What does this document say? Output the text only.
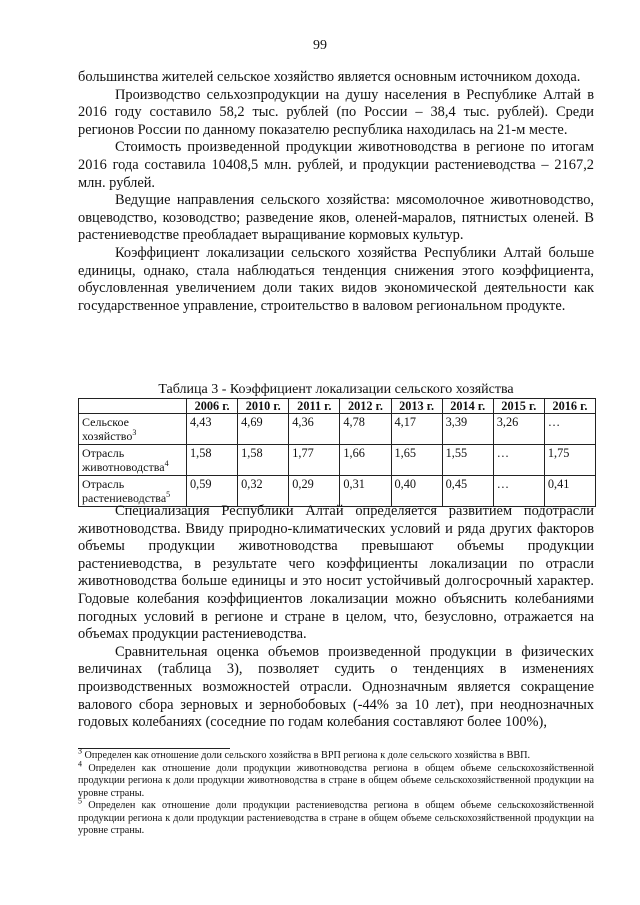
99

большинства жителей сельское хозяйство является основным источником дохода.

Производство сельхозпродукции на душу населения в Республике Алтай в 2016 году составило 58,2 тыс. рублей (по России – 38,4 тыс. рублей). Среди регионов России по данному показателю республика находилась на 21-м месте.

Стоимость произведенной продукции животноводства в регионе по итогам 2016 года составила 10408,5 млн. рублей, и продукции растениеводства – 2167,2 млн. рублей.

Ведущие направления сельского хозяйства: мясомолочное животноводство, овцеводство, козоводство; разведение яков, оленей-маралов, пятнистых оленей. В растениеводстве преобладает выращивание кормовых культур.

Коэффициент локализации сельского хозяйства Республики Алтай больше единицы, однако, стала наблюдаться тенденция снижения этого коэффициента, обусловленная увеличением доли таких видов экономической деятельности как государственное управление, строительство в валовом региональном продукте.

Таблица 3 - Коэффициент локализации сельского хозяйства
	2006 г.	2010 г.	2011 г.	2012 г.	2013 г.	2014 г.	2015 г.	2016 г.
Сельское
хозяйство$^3$	4,43	4,69	4,36	4,78	4,17	3,39	3,26	…
Отрасль
животноводства$^4$	1,58	1,58	1,77	1,66	1,65	1,55	…	1,75
Отрасль
растениеводства$^5$	0,59	0,32	0,29	0,31	0,40	0,45	…	0,41

Специализация Республики Алтай определяется развитием подотрасли животноводства. Ввиду природно-климатических условий и ряда других факторов объемы продукции животноводства превышают объемы продукции растениеводства, в результате чего коэффициенты локализации по отрасли животноводства больше единицы и это носит устойчивый долгосрочный характер. Годовые колебания коэффициентов локализации можно объяснить колебаниями погодных условий в регионе и стране в целом, что, безусловно, отражается на объемах продукции растениеводства.

Сравнительная оценка объемов произведенной продукции в физических величинах (таблица 3), позволяет судить о тенденциях в изменениях производственных возможностей отрасли. Однозначным является сокращение валового сбора зерновых и зернобобовых (-44% за 10 лет), при неоднозначных годовых колебаниях (соседние по годам колебания составляют более 100%),

$^3$ Определен как отношение доли сельского хозяйства в ВРП региона к доле сельского хозяйства в ВВП.

$^4$ Определен как отношение доли продукции животноводства региона в общем объеме сельскохозяйственной продукции региона к доли продукции животноводства в стране в общем объеме сельскохозяйственной продукции на уровне страны.

$^5$ Определен как отношение доли продукции растениеводства региона в общем объеме сельскохозяйственной продукции региона к доли продукции растениеводства в стране в общем объеме сельскохозяйственной продукции на уровне страны.
